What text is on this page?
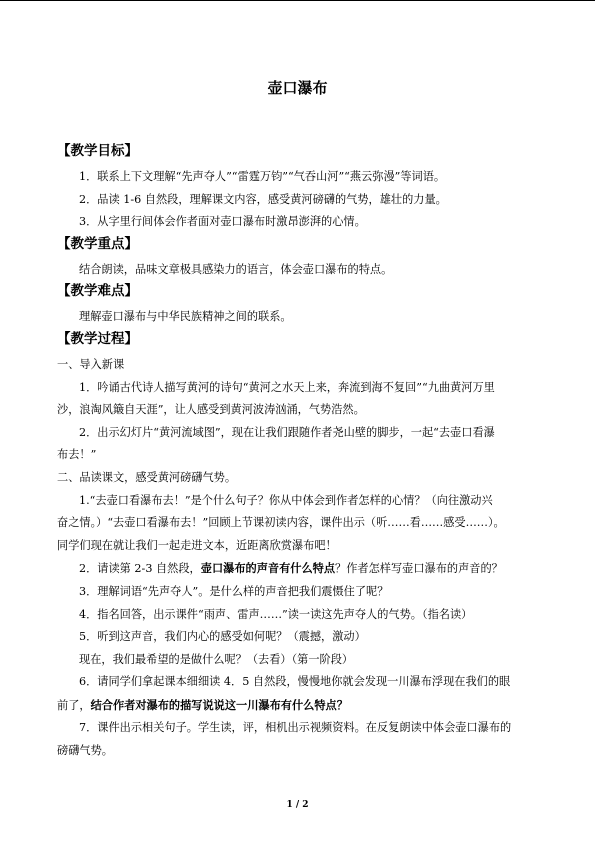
壶口瀑布
【教学目标】
1．联系上下文理解“先声夺人”“雷霆万钧”“气吞山河”“燕云弥漫”等词语。
2．品读 1-6 自然段，理解课文内容，感受黄河磅礴的气势，雄壮的力量。
3．从字里行间体会作者面对壶口瀑布时激昂澎湃的心情。
【教学重点】
结合朗读，品味文章极具感染力的语言，体会壶口瀑布的特点。
【教学难点】
理解壶口瀑布与中华民族精神之间的联系。
【教学过程】
一、导入新课
1．吟诵古代诗人描写黄河的诗句“黄河之水天上来，奔流到海不复回”“九曲黄河万里
沙，浪淘风簸自天涯”，让人感受到黄河波涛汹涌，气势浩然。
2．出示幻灯片“黄河流域图”，现在让我们跟随作者尧山壁的脚步，一起“去壶口看瀑
布去！”
二、品读课文，感受黄河磅礴气势。
1.“去壶口看瀑布去！”是个什么句子？你从中体会到作者怎样的心情？（向往激动兴
奋之情。）“去壶口看瀑布去！”回顾上节课初读内容，课件出示（听……看……感受……）。
同学们现在就让我们一起走进文本，近距离欣赏瀑布吧！
2．请读第 2-3 自然段，壶口瀑布的声音有什么特点？作者怎样写壶口瀑布的声音的？
3．理解词语“先声夺人”。是什么样的声音把我们震慑住了呢？
4．指名回答，出示课件“雨声、雷声……”读一读这先声夺人的气势。（指名读）
5．听到这声音，我们内心的感受如何呢？（震撼，激动）
现在，我们最希望的是做什么呢？（去看）（第一阶段）
6．请同学们拿起课本细细读 4．5 自然段，慢慢地你就会发现一川瀑布浮现在我们的眼
前了，结合作者对瀑布的描写说说这一川瀑布有什么特点？
7．课件出示相关句子。学生读，评，相机出示视频资料。在反复朗读中体会壶口瀑布的
磅礴气势。
1 / 2
